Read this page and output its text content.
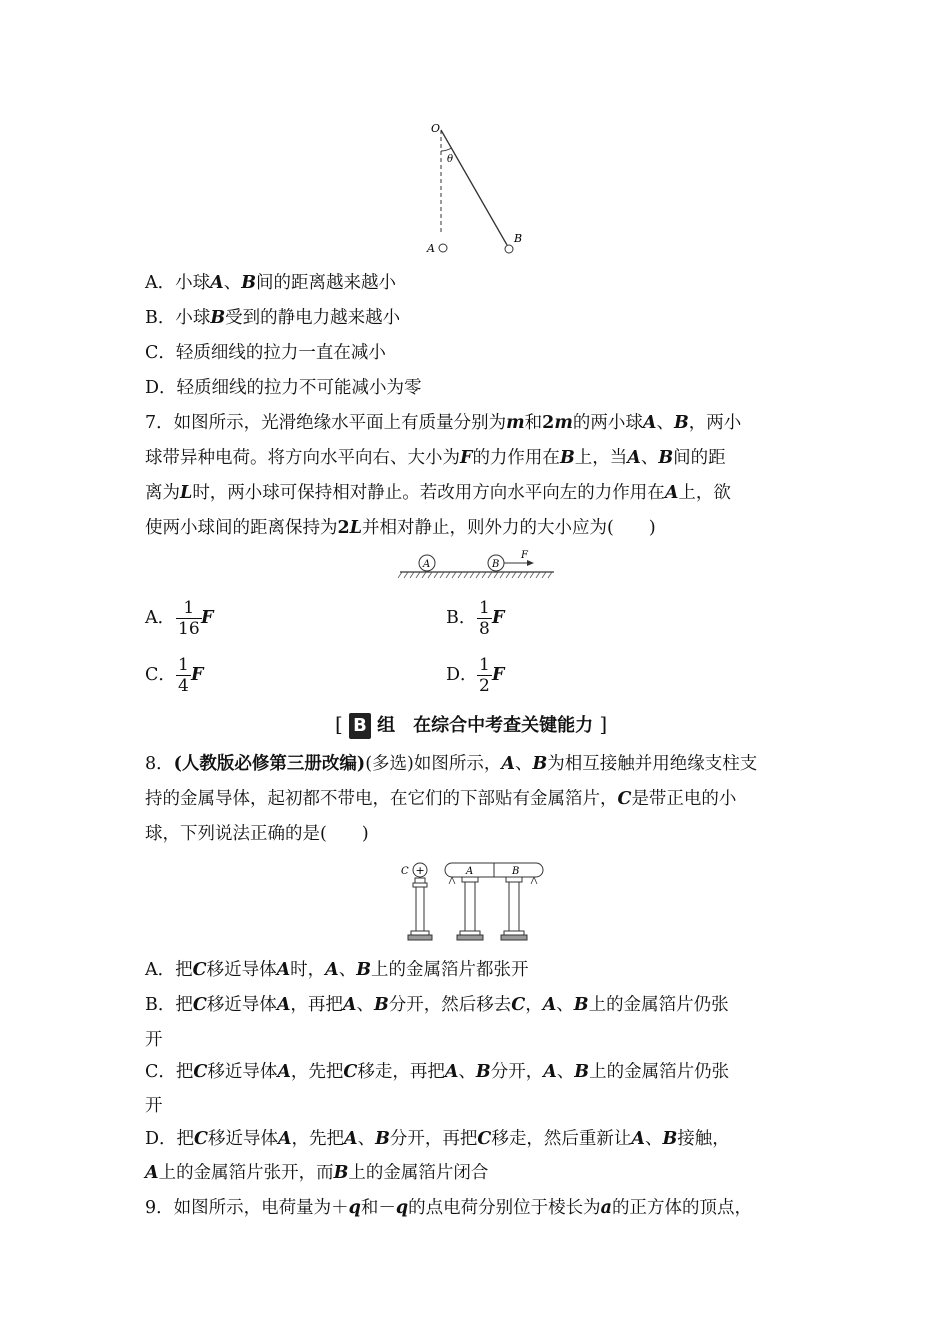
O
θ
A
B
A．小球A、B间的距离越来越小
B．小球B受到的静电力越来越小
C．轻质细线的拉力一直在减小
D．轻质细线的拉力不可能减小为零
7．如图所示，光滑绝缘水平面上有质量分别为m和2m的两小球A、B，两小
球带异种电荷。将方向水平向右、大小为F的力作用在B上，当A、B间的距
离为L时，两小球可保持相对静止。若改用方向水平向左的力作用在A上，欲
使两小球间的距离保持为2L并相对静止，则外力的大小应为(　　)
A	B
F
A． $\frac{1}{16}$ F	B． $\frac{1}{8}$ F
C． $\frac{1}{4}$ F	D． $\frac{1}{2}$ F
[ B 组　在综合中考查关键能力 ]
8．(人教版必修第三册改编)(多选)如图所示，A、B为相互接触并用绝缘支柱支
持的金属导体，起初都不带电，在它们的下部贴有金属箔片，C是带正电的小
球，下列说法正确的是(　　)
+
C	A	B
A．把C移近导体A时，A、B上的金属箔片都张开
B．把C移近导体A，再把A、B分开，然后移去C，A、B上的金属箔片仍张
开
C．把C移近导体A，先把C移走，再把A、B分开，A、B上的金属箔片仍张
开
D．把C移近导体A，先把A、B分开，再把C移走，然后重新让A、B接触，
A上的金属箔片张开，而B上的金属箔片闭合
9．如图所示，电荷量为＋q和－q的点电荷分别位于棱长为a的正方体的顶点，
